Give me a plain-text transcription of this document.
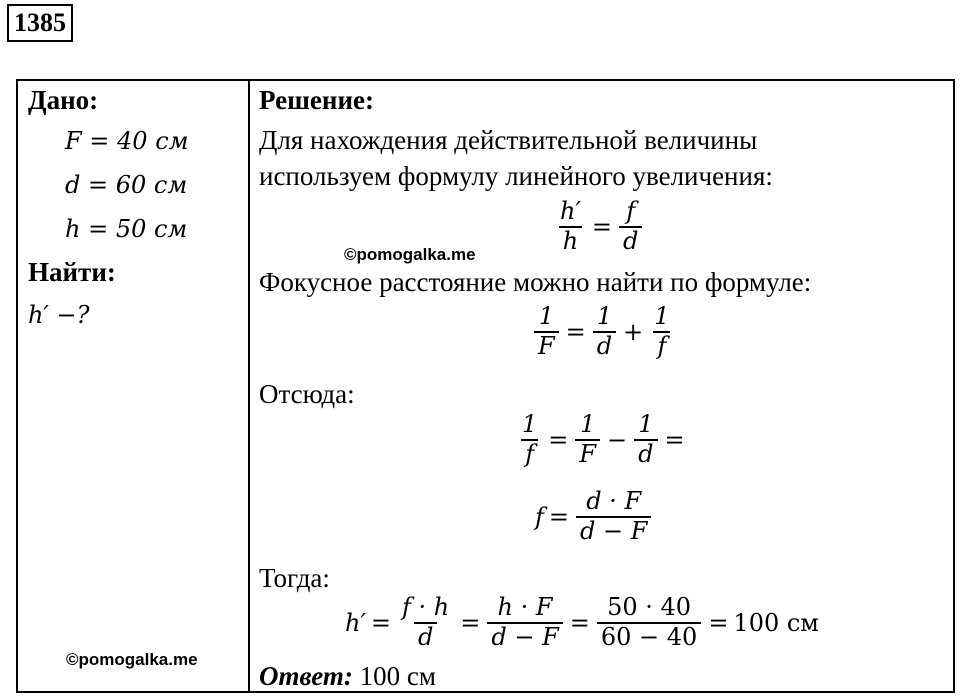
1385
Дано:
F = 40 см
d = 60 см
h = 50 см
Найти:
h′ −?
©pomogalka.me
Решение:
Для нахождения действительной величины
используем формулу линейного увеличения:
©pomogalka.me	$\frac{h'}{h} = \frac{f}{d}$
Фокусное расстояние можно найти по формуле:
$\frac{1}{F} = \frac{1}{d} + \frac{1}{f}$
Отсюда:
$\frac{1}{f} = \frac{1}{F} - \frac{1}{d}$ =
$f = \frac{d \cdot F}{d - F}$
Тогда:
$h' = \frac{f \cdot h}{d} = \frac{h \cdot F}{d - F} = \frac{50 \cdot 40}{60 - 40} = 100$ см
Ответ: 100 см
